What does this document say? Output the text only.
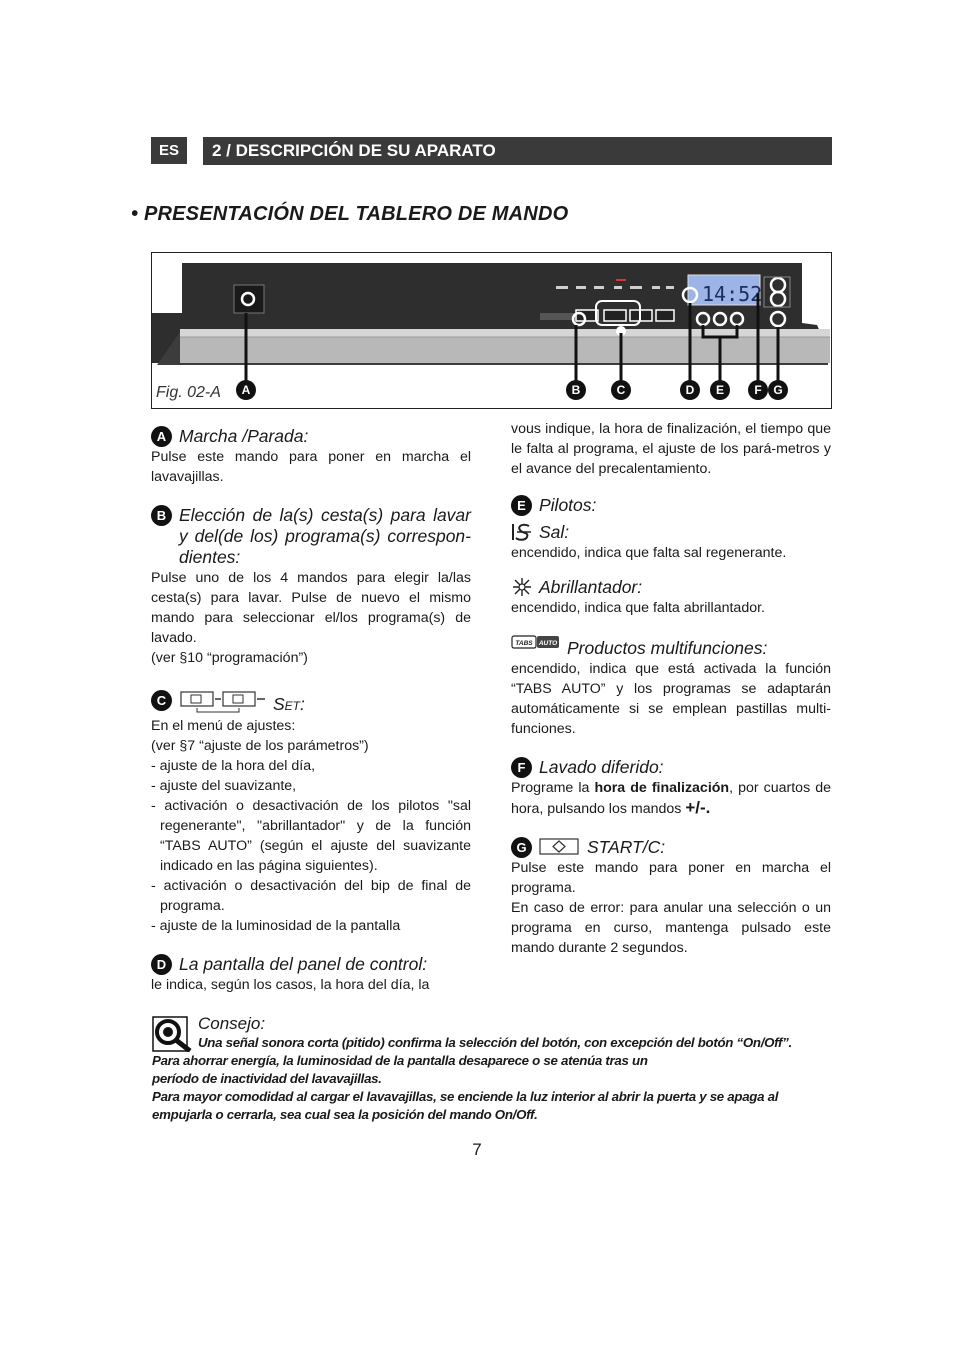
ES	2 / DESCRIPCIÓN DE SU APARATO
• PRESENTACIÓN DEL TABLERO DE MANDO
14:52
A	B	C	D E	F G
Fig. 02-A
A Marcha /Parada:

Pulse este mando para poner en marcha el lavavajillas.

B Elección de la(s) cesta(s) para lavar y del(de los) programa(s) correspon-dientes:

Pulse uno de los 4 mandos para elegir la/las cesta(s) para lavar. Pulse de nuevo el mismo mando para seleccionar el/los programa(s) de lavado.

(ver §10 “programación”)

C	Set:

En el menú de ajustes:

(ver §7 “ajuste de los parámetros”)

- ajuste de la hora del día,

- ajuste del suavizante,

- activación o desactivación de los pilotos "sal regenerante", "abrillantador" y de la función “TABS AUTO” (según el ajuste del suavizante indicado en las página siguientes).

- activación o desactivación del bip de final de programa.

- ajuste de la luminosidad de la pantalla

D La pantalla del panel de control:

le indica, según los casos, la hora del día, la

vous indique, la hora de finalización, el tiempo que le falta al programa, el ajuste de los pará-metros y el avance del precalentamiento.

E Pilotos:
Sal:

encendido, indica que falta sal regenerante.

Abrillantador:

encendido, indica que falta abrillantador.

TABS AUTO Productos multifunciones:

encendido, indica que está activada la función “TABS AUTO” y los programas se adaptarán automáticamente si se emplean pastillas multi-funciones.

F Lavado diferido:

Programe la hora de finalización, por cuartos de hora, pulsando los mandos +/-.

G	START/C:

Pulse este mando para poner en marcha el programa.

En caso de error: para anular una selección o un programa en curso, mantenga pulsado este mando durante 2 segundos.

Consejo:
Una señal sonora corta (pitido) confirma la selección del botón, con excepción del botón “On/Off”.
Para ahorrar energía, la luminosidad de la pantalla desaparece o se atenúa tras un
período de inactividad del lavavajillas.
Para mayor comodidad al cargar el lavavajillas, se enciende la luz interior al abrir la puerta y se apaga al
empujarla o cerrarla, sea cual sea la posición del mando On/Off.
7
